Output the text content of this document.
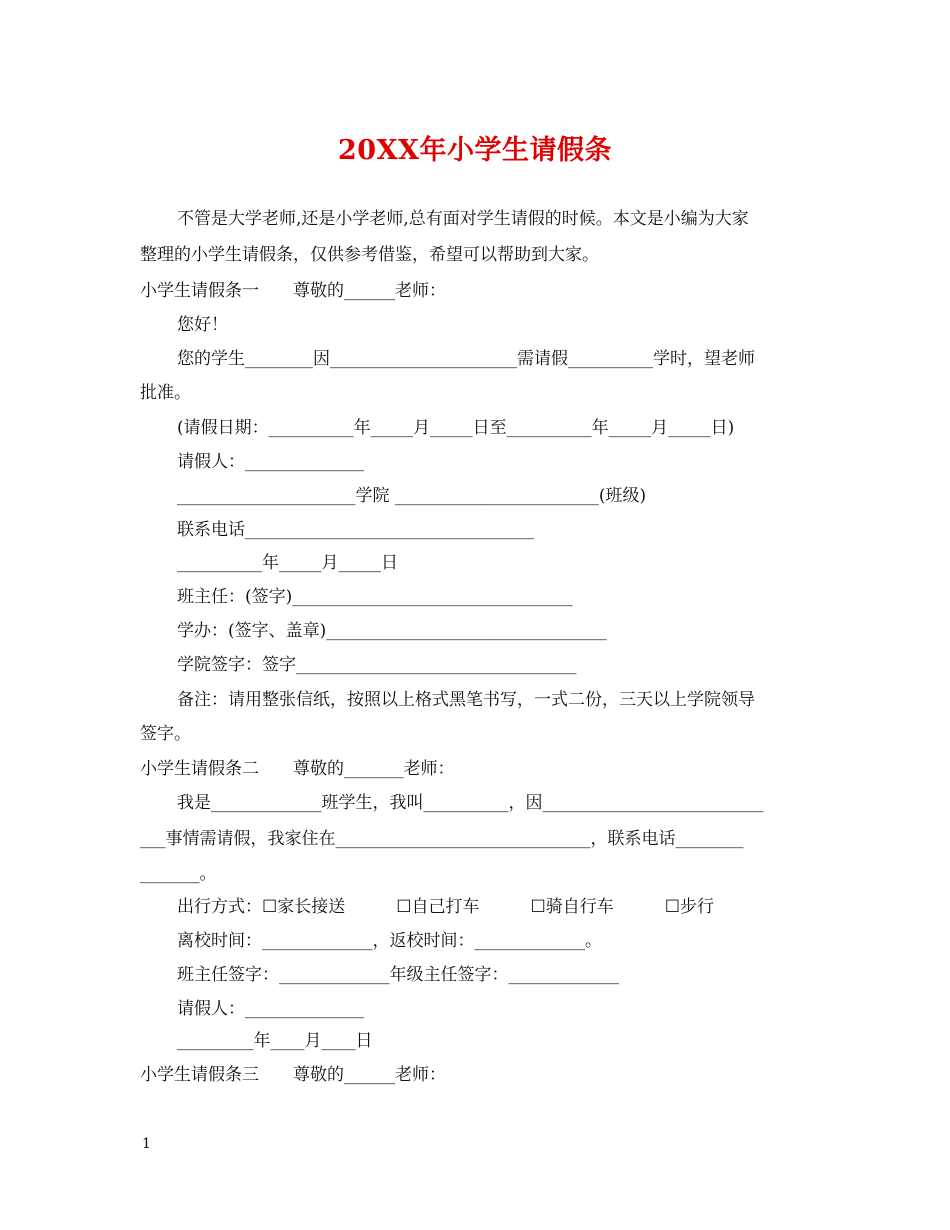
20XX年小学生请假条
不管是大学老师,还是小学老师,总有面对学生请假的时候。本文是小编为大家
整理的小学生请假条，仅供参考借鉴，希望可以帮助到大家。
小学生请假条一　　尊敬的______老师：
您好！
您的学生________因______________________需请假__________学时，望老师
批准。
(请假日期：__________年_____月_____日至__________年_____月_____日)
请假人：______________
_____________________学院 ________________________(班级)
联系电话__________________________________
__________年_____月_____日
班主任：(签字)_________________________________
学办：(签字、盖章)_________________________________
学院签字：签字_________________________________
备注：请用整张信纸，按照以上格式黑笔书写，一式二份，三天以上学院领导
签字。
小学生请假条二　　尊敬的_______老师：
我是_____________班学生，我叫__________，因__________________________
___事情需请假，我家住在______________________________，联系电话________
_______。
出行方式：☐家长接送　　　☐自己打车　　　☐骑自行车　　　☐步行
离校时间：_____________，返校时间：_____________。
班主任签字：_____________年级主任签字：_____________
请假人：______________
_________年____月____日
小学生请假条三　　尊敬的______老师：
1
